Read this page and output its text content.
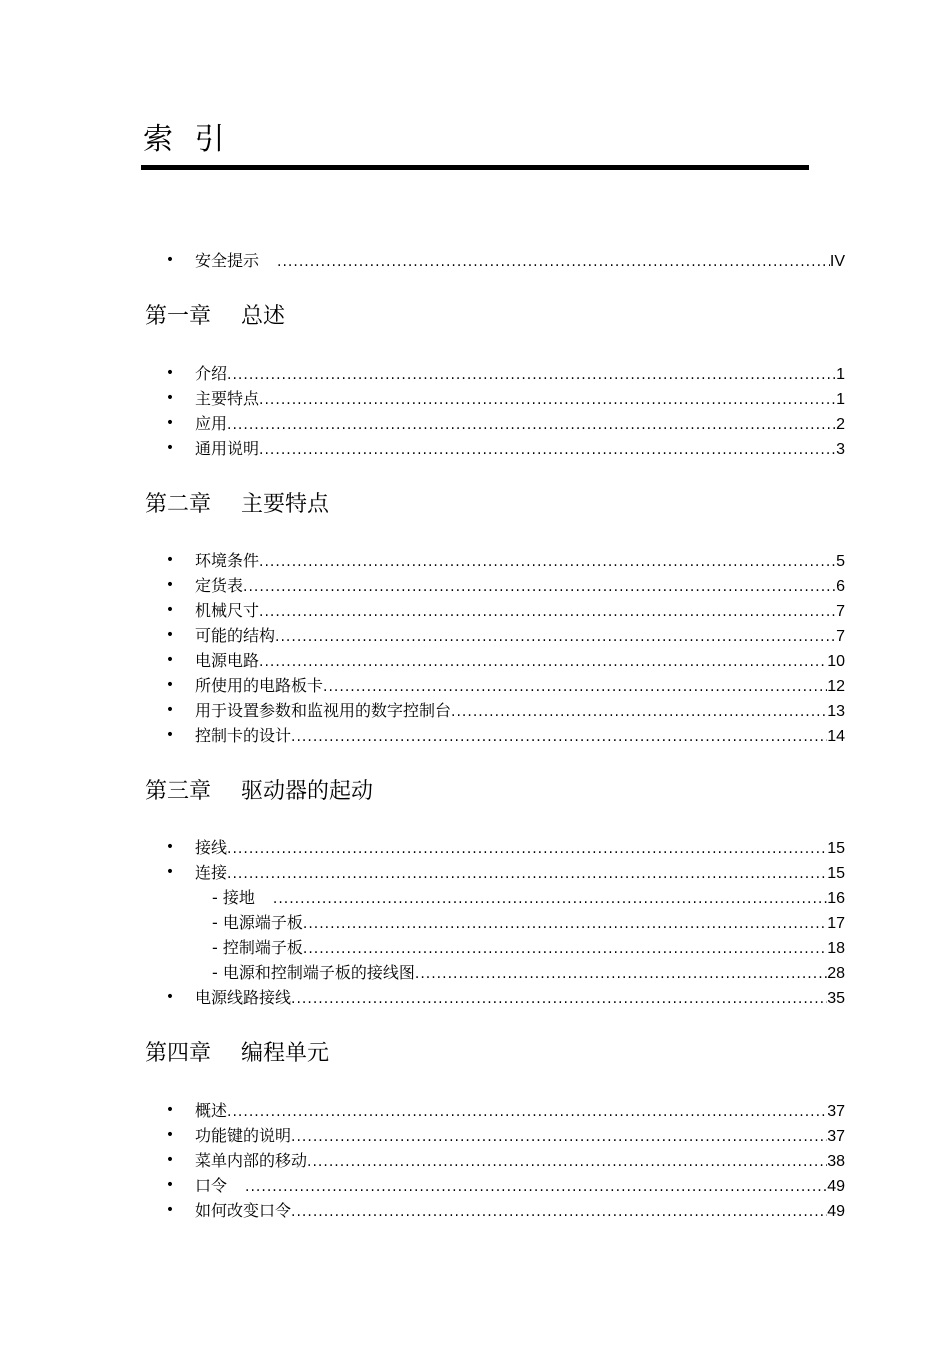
索 引
• 安全提示 .....	IV
第一章 总述
• 介绍 .....	1
• 主要特点 .....	1
• 应用 .....	2
• 通用说明 .....	3
第二章 主要特点
• 环境条件 .....	5
• 定货表 .....	6
• 机械尺寸 .....	7
• 可能的结构 .....	7
• 电源电路 .....	10
• 所使用的电路板卡 .....	12
• 用于设置参数和监视用的数字控制台 .....	13
• 控制卡的设计 .....	14
第三章 驱动器的起动
• 接线 .....	15
• 连接 .....	15
- 接地 .....	16
- 电源端子板 .....	17
- 控制端子板 .....	18
- 电源和控制端子板的接线图 .....	28
• 电源线路接线 .....	35
第四章 编程单元
• 概述 .....	37
• 功能键的说明 .....	37
• 菜单内部的移动 .....	38
• 口令 .....	49
• 如何改变口令 .....	49
